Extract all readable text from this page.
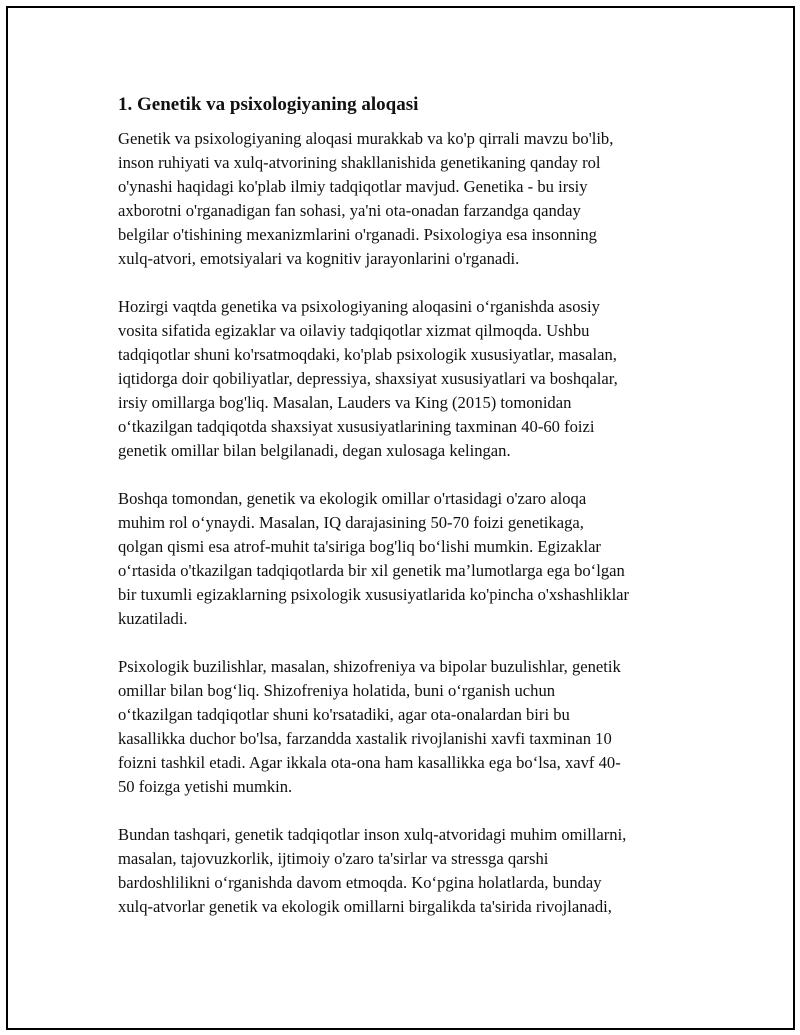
1. Genetik va psixologiyaning aloqasi
Genetik va psixologiyaning aloqasi murakkab va ko'p qirrali mavzu bo'lib,
inson ruhiyati va xulq-atvorining shakllanishida genetikaning qanday rol
o'ynashi haqidagi ko'plab ilmiy tadqiqotlar mavjud. Genetika - bu irsiy
axborotni o'rganadigan fan sohasi, ya'ni ota-onadan farzandga qanday
belgilar o'tishining mexanizmlarini o'rganadi. Psixologiya esa insonning
xulq-atvori, emotsiyalari va kognitiv jarayonlarini o'rganadi.
Hozirgi vaqtda genetika va psixologiyaning aloqasini o‘rganishda asosiy
vosita sifatida egizaklar va oilaviy tadqiqotlar xizmat qilmoqda. Ushbu
tadqiqotlar shuni ko'rsatmoqdaki, ko'plab psixologik xususiyatlar, masalan,
iqtidorga doir qobiliyatlar, depressiya, shaxsiyat xususiyatlari va boshqalar,
irsiy omillarga bog'liq. Masalan, Lauders va King (2015) tomonidan
o‘tkazilgan tadqiqotda shaxsiyat xususiyatlarining taxminan 40-60 foizi
genetik omillar bilan belgilanadi, degan xulosaga kelingan.
Boshqa tomondan, genetik va ekologik omillar o'rtasidagi o'zaro aloqa
muhim rol o‘ynaydi. Masalan, IQ darajasining 50-70 foizi genetikaga,
qolgan qismi esa atrof-muhit ta'siriga bog'liq bo‘lishi mumkin. Egizaklar
o‘rtasida o'tkazilgan tadqiqotlarda bir xil genetik ma’lumotlarga ega bo‘lgan
bir tuxumli egizaklarning psixologik xususiyatlarida ko'pincha o'xshashliklar
kuzatiladi.
Psixologik buzilishlar, masalan, shizofreniya va bipolar buzulishlar, genetik
omillar bilan bog‘liq. Shizofreniya holatida, buni o‘rganish uchun
o‘tkazilgan tadqiqotlar shuni ko'rsatadiki, agar ota-onalardan biri bu
kasallikka duchor bo'lsa, farzandda xastalik rivojlanishi xavfi taxminan 10
foizni tashkil etadi. Agar ikkala ota-ona ham kasallikka ega bo‘lsa, xavf 40-
50 foizga yetishi mumkin.
Bundan tashqari, genetik tadqiqotlar inson xulq-atvoridagi muhim omillarni,
masalan, tajovuzkorlik, ijtimoiy o'zaro ta'sirlar va stressga qarshi
bardoshlilikni o‘rganishda davom etmoqda. Ko‘pgina holatlarda, bunday
xulq-atvorlar genetik va ekologik omillarni birgalikda ta'sirida rivojlanadi,
